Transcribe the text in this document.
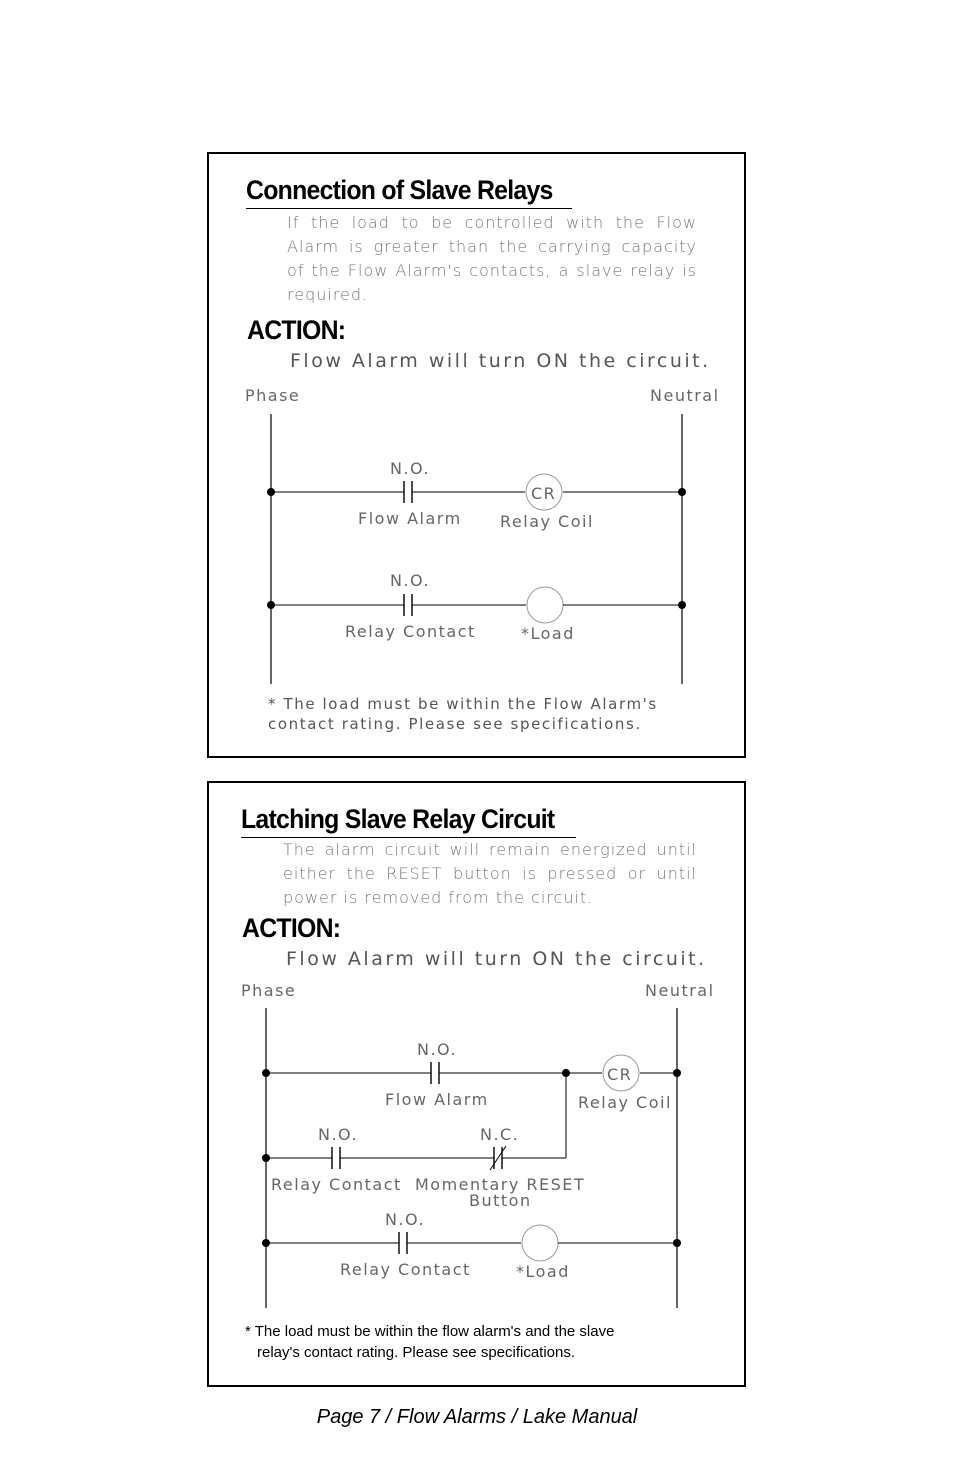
Connection of Slave Relays

If the load to be controlled with the Flow Alarm is greater than the carrying capacity of the Flow Alarm's contacts, a slave relay is required.

ACTION:
Flow Alarm will turn ON the circuit.
Phase	Neutral
CR
N.O.
Flow Alarm Relay Coil
N.O.
Relay Contact	*Load
Phase	Neutral
CR
N.O.
Flow Alarm	Relay Coil
N.O.	N.C.
Relay Contact Momentary RESET
Button
N.O.
Relay Contact	*Load

* The load must be within the Flow Alarm's contact rating. Please see specifications.

Latching Slave Relay Circuit

The alarm circuit will remain energized until either the RESET button is pressed or until power is removed from the circuit.

ACTION:
Flow Alarm will turn ON the circuit.

* The load must be within the flow alarm's and the slave

relay's contact rating. Please see specifications.

Page 7 / Flow Alarms / Lake Manual
